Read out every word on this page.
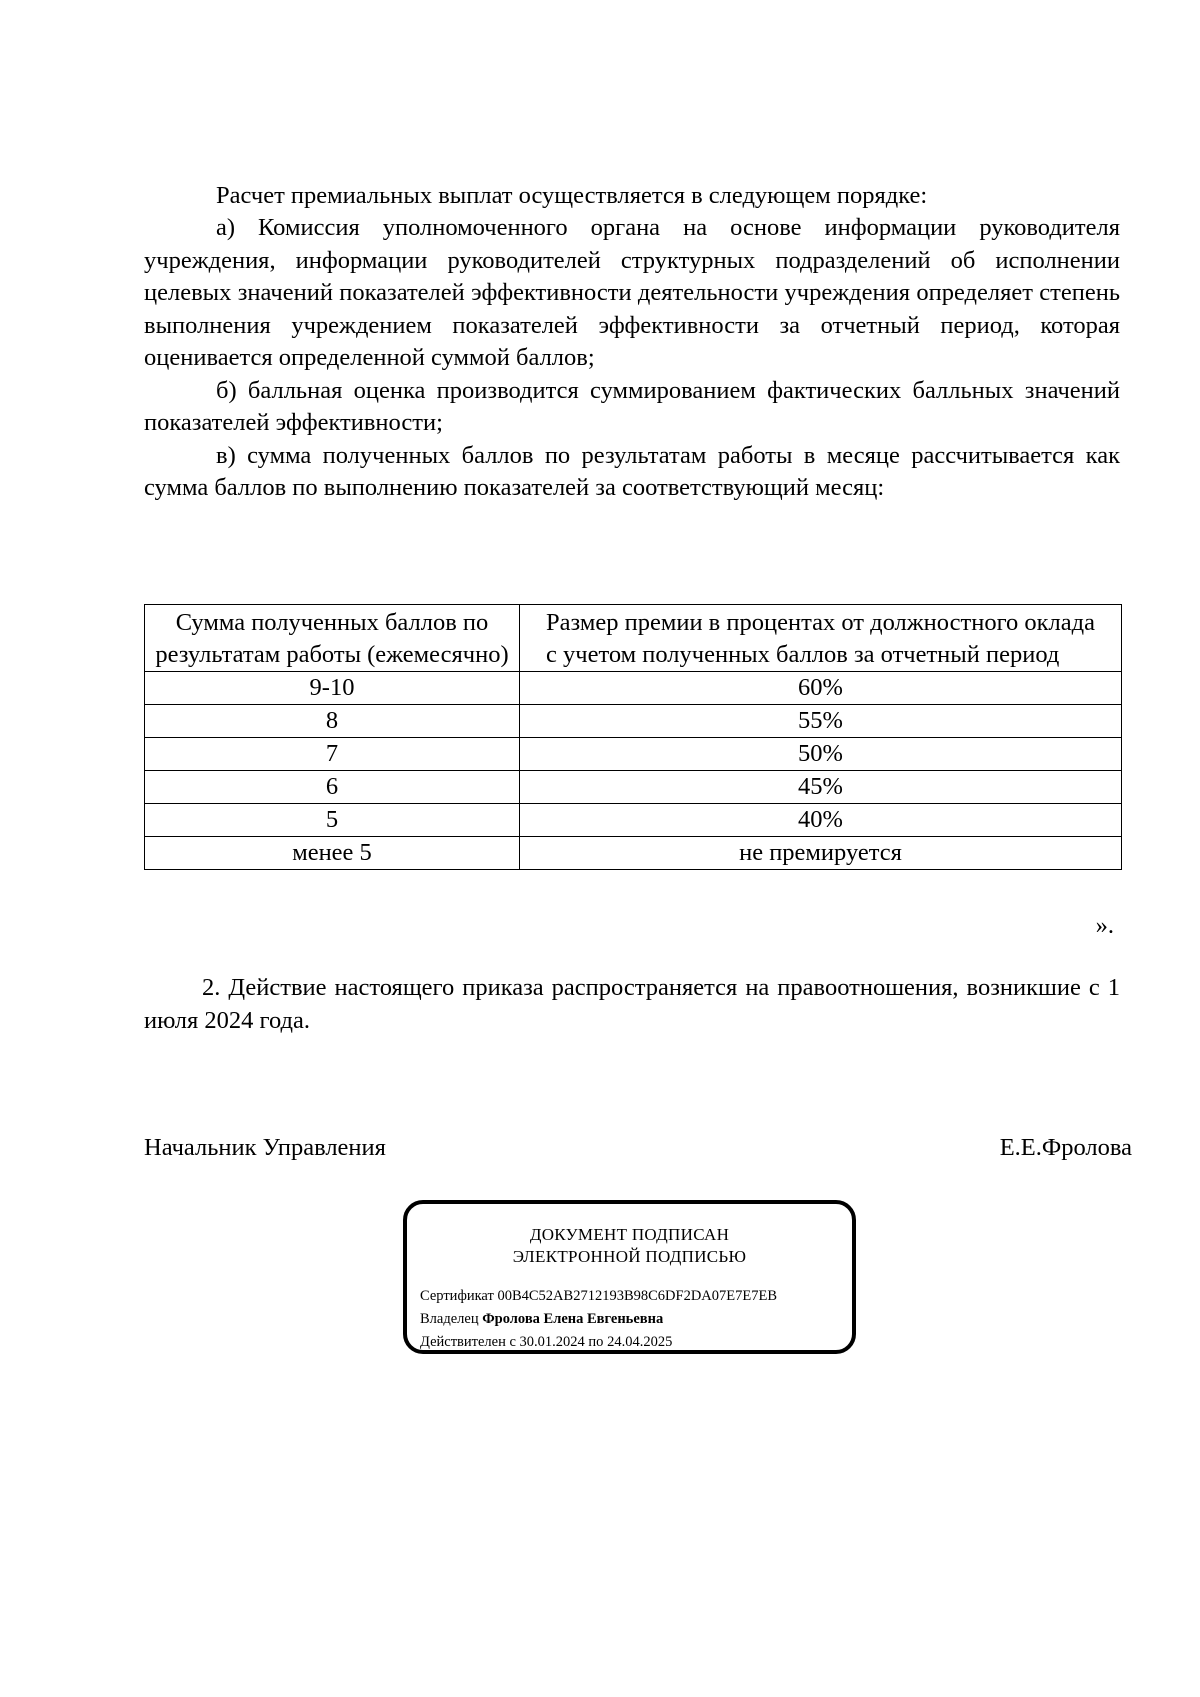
Расчет премиальных выплат осуществляется в следующем порядке:

а) Комиссия уполномоченного органа на основе информации руководителя учреждения, информации руководителей структурных подразделений об исполнении целевых значений показателей эффективности деятельности учреждения определяет степень выполнения учреждением показателей эффективности за отчетный период, которая оценивается определенной суммой баллов;

б) балльная оценка производится суммированием фактических балльных значений показателей эффективности;

в) сумма полученных баллов по результатам работы в месяце рассчитывается как сумма баллов по выполнению показателей за соответствующий месяц:

Сумма полученных баллов по результатам работы (ежемесячно)	Размер премии в процентах от должностного оклада с учетом полученных баллов за отчетный период
9-10	60%
8	55%
7	50%
6	45%
5	40%
менее 5	не премируется
».

2. Действие настоящего приказа распространяется на правоотношения, возникшие с 1 июля 2024 года.

Начальник Управления	Е.Е.Фролова
ДОКУМЕНТ ПОДПИСАН
ЭЛЕКТРОННОЙ ПОДПИСЬЮ
Сертификат 00B4C52AB2712193B98C6DF2DA07E7E7EB
Владелец Фролова Елена Евгеньевна
Действителен с 30.01.2024 по 24.04.2025
